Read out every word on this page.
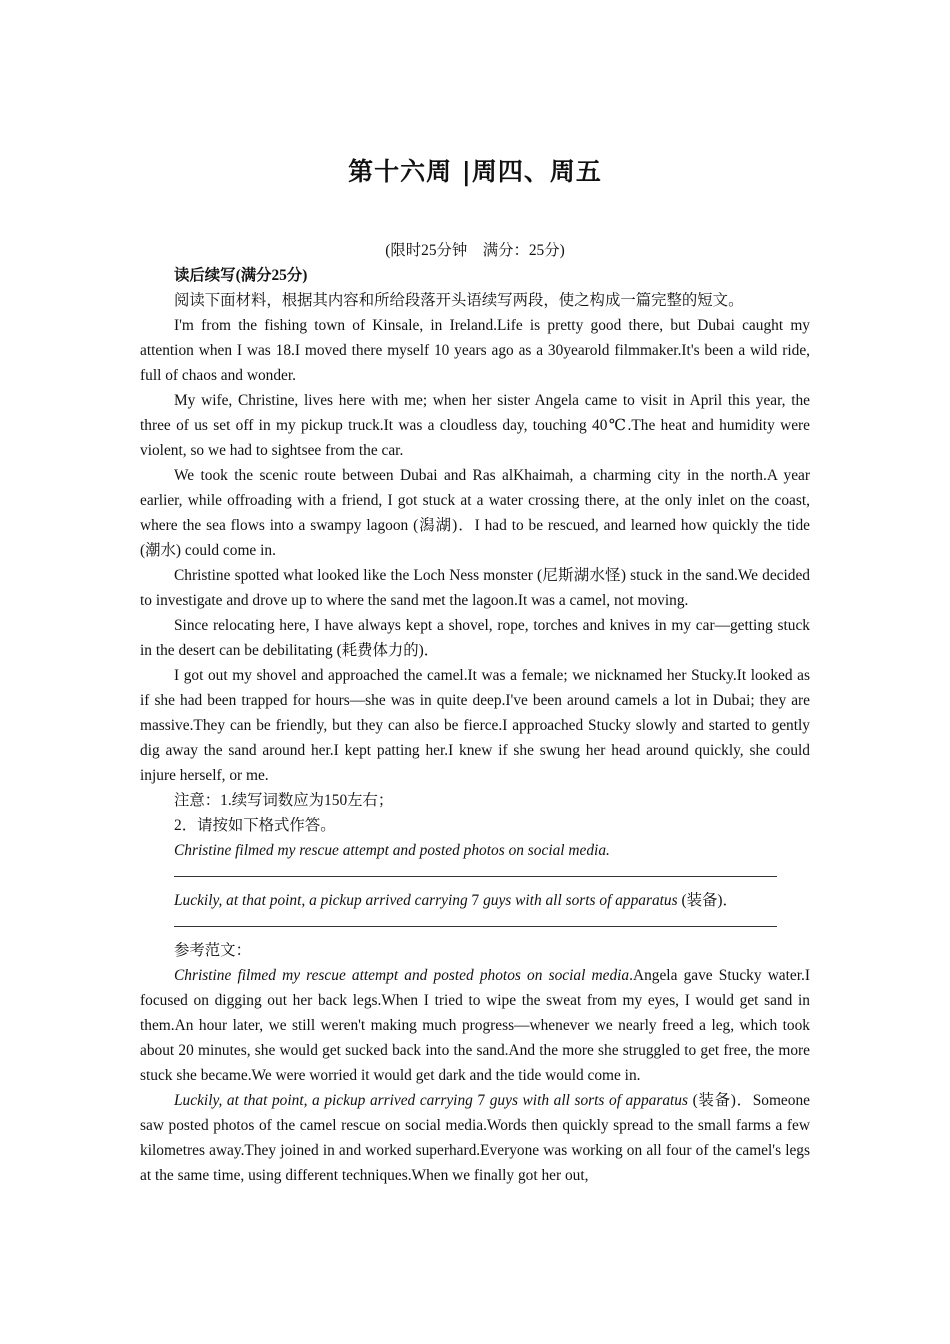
第十六周 |周四、周五

(限时25分钟　满分：25分)

读后续写(满分25分)

阅读下面材料，根据其内容和所给段落开头语续写两段，使之构成一篇完整的短文。

I'm from the fishing town of Kinsale, in Ireland.Life is pretty good there, but Dubai caught my attention when I was 18.I moved there myself 10 years ago as a 30yearold filmmaker.It's been a wild ride, full of chaos and wonder.

My wife, Christine, lives here with me; when her sister Angela came to visit in April this year, the three of us set off in my pickup truck.It was a cloudless day, touching 40℃.The heat and humidity were violent, so we had to sightsee from the car.

We took the scenic route between Dubai and Ras alKhaimah, a charming city in the north.A year earlier, while offroading with a friend, I got stuck at a water crossing there, at the only inlet on the coast, where the sea flows into a swampy lagoon (潟湖)．I had to be rescued, and learned how quickly the tide (潮水) could come in.

Christine spotted what looked like the Loch Ness monster (尼斯湖水怪) stuck in the sand.We decided to investigate and drove up to where the sand met the lagoon.It was a camel, not moving.

Since relocating here, I have always kept a shovel, rope, torches and knives in my car—getting stuck in the desert can be debilitating (耗费体力的)．

I got out my shovel and approached the camel.It was a female; we nicknamed her Stucky.It looked as if she had been trapped for hours—she was in quite deep.I've been around camels a lot in Dubai; they are massive.They can be friendly, but they can also be fierce.I approached Stucky slowly and started to gently dig away the sand around her.I kept patting her.I knew if she swung her head around quickly, she could injure herself, or me.

注意：1.续写词数应为150左右；

2．请按如下格式作答。

Christine filmed my rescue attempt and posted photos on social media.

Luckily, at that point, a pickup arrived carrying 7 guys with all sorts of apparatus (装备)．

参考范文：

Christine filmed my rescue attempt and posted photos on social media.Angela gave Stucky water.I focused on digging out her back legs.When I tried to wipe the sweat from my eyes, I would get sand in them.An hour later, we still weren't making much progress—whenever we nearly freed a leg, which took about 20 minutes, she would get sucked back into the sand.And the more she struggled to get free, the more stuck she became.We were worried it would get dark and the tide would come in.

Luckily, at that point, a pickup arrived carrying 7 guys with all sorts of apparatus (装备)．Someone saw posted photos of the camel rescue on social media.Words then quickly spread to the small farms a few kilometres away.They joined in and worked superhard.Everyone was working on all four of the camel's legs at the same time, using different techniques.When we finally got her out,
